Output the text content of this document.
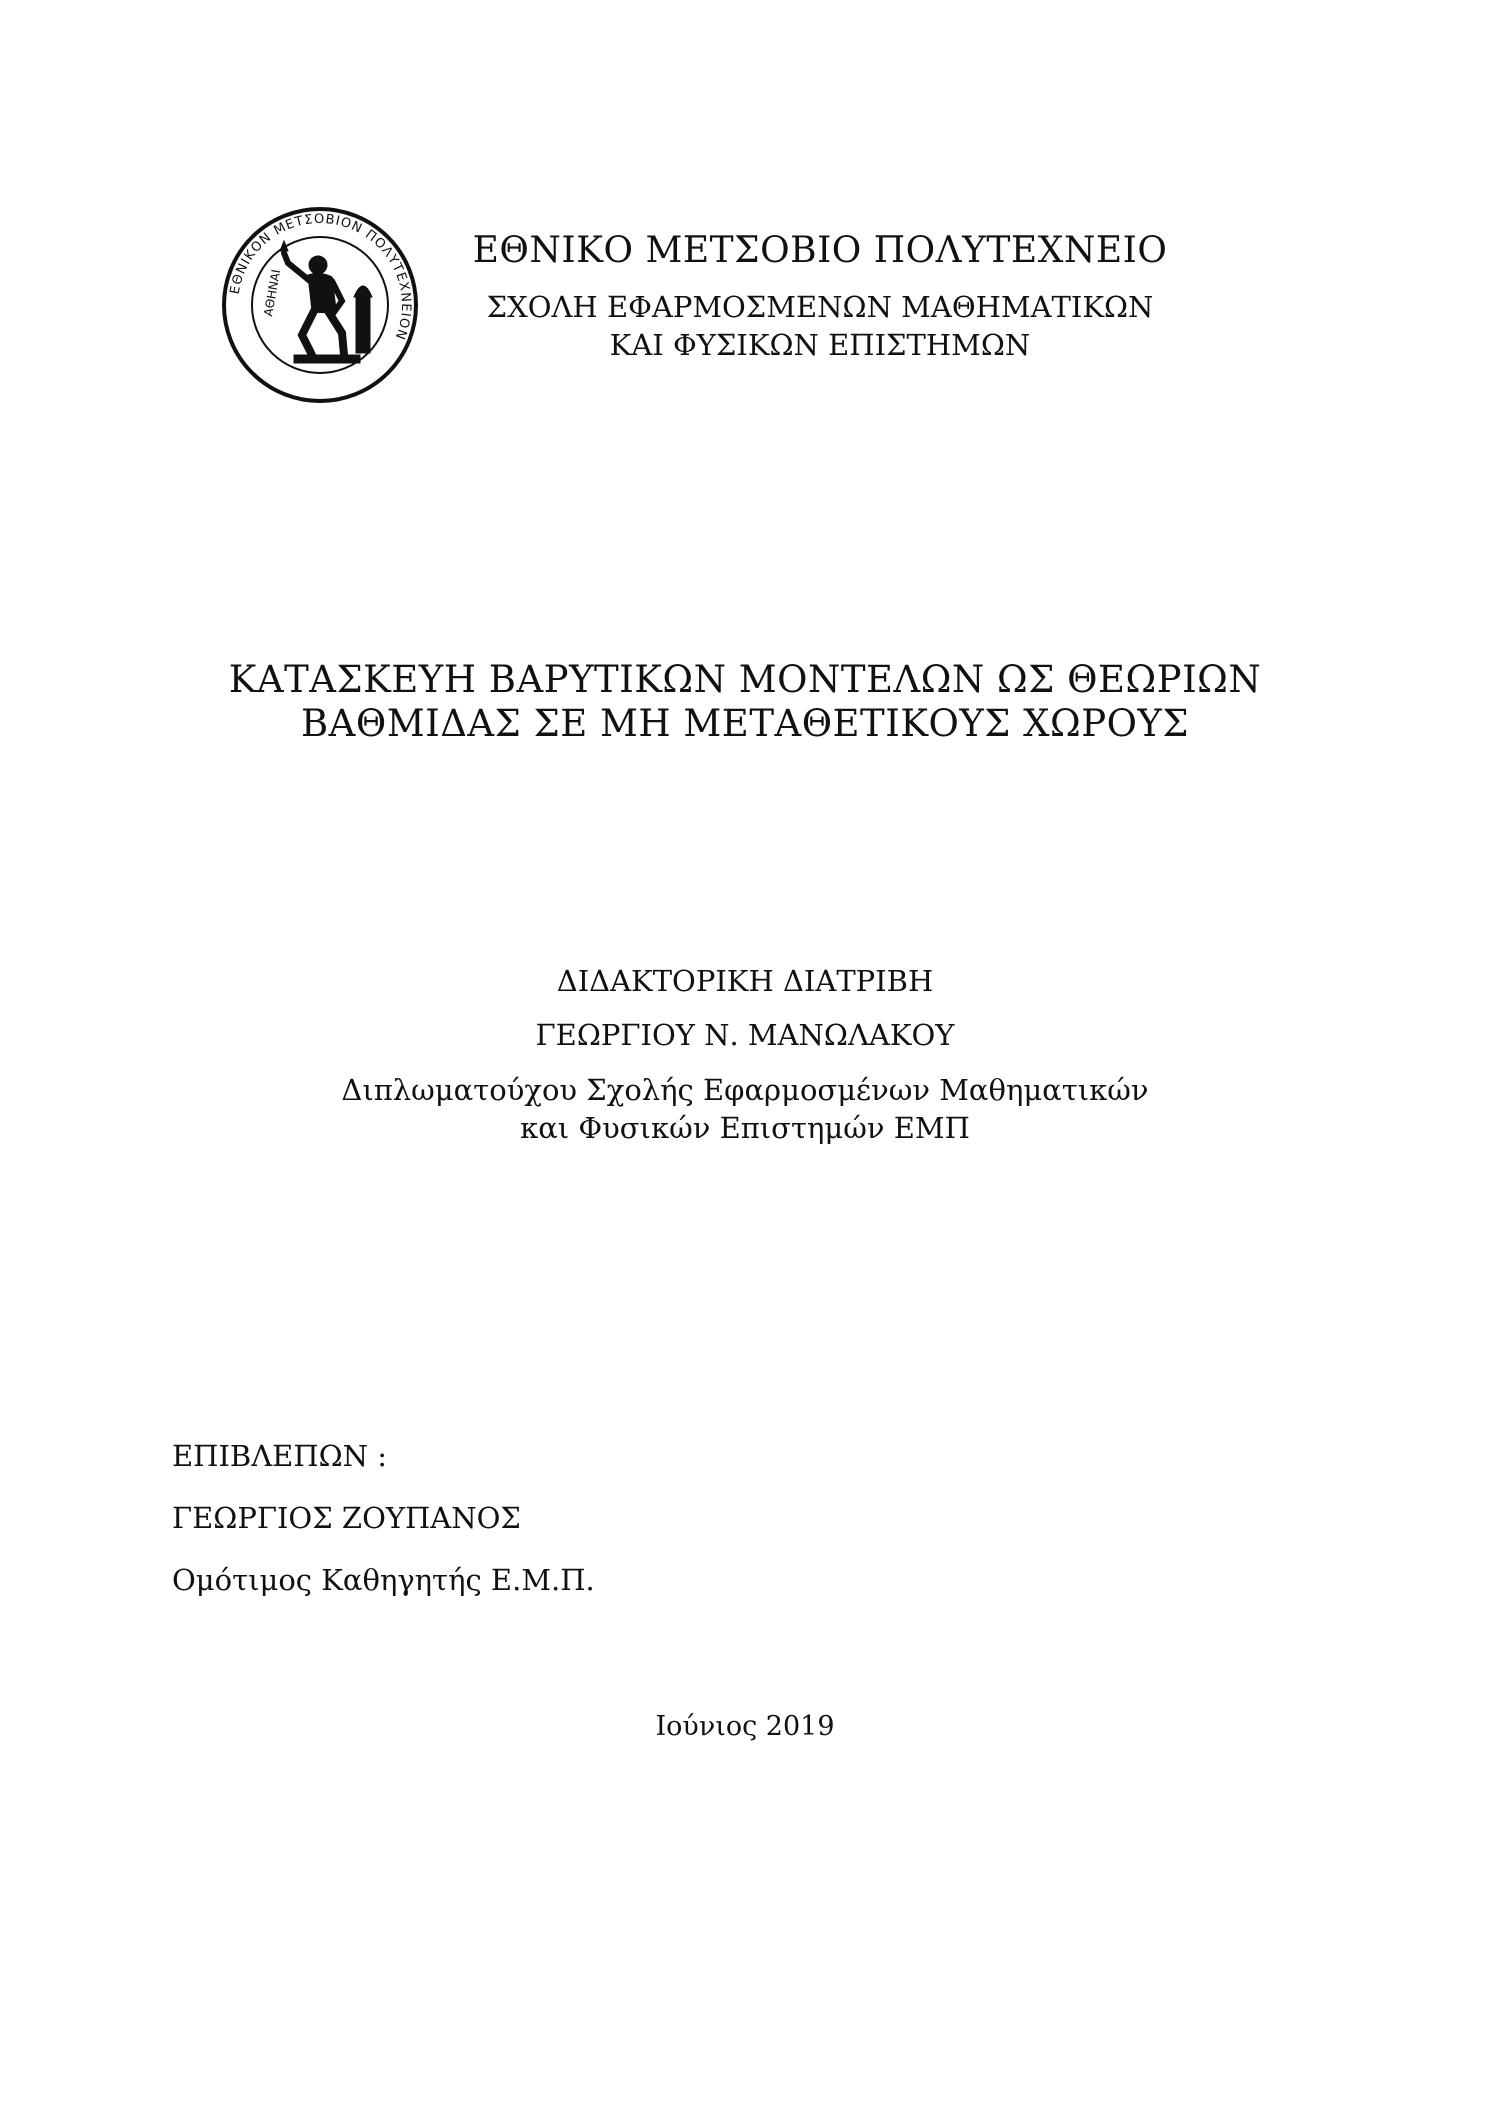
ΕΘΝΙΚΟΝ ΜΕΤΣΟΒΙΟΝ ΠΟΛΥΤΕΧΝΕΙΟΝ
ΑΘΗΝΑΙ
ΕΘΝΙΚΟ ΜΕΤΣΟΒΙΟ ΠΟΛΥΤΕΧΝΕΙΟ
ΣΧΟΛΗ ΕΦΑΡΜΟΣΜΕΝΩΝ ΜΑΘΗΜΑΤΙΚΩΝ
ΚΑΙ ΦΥΣΙΚΩΝ ΕΠΙΣΤΗΜΩΝ
ΚΑΤΑΣΚΕΥΗ ΒΑΡΥΤΙΚΩΝ ΜΟΝΤΕΛΩΝ ΩΣ ΘΕΩΡΙΩΝ
ΒΑΘΜΙΔΑΣ ΣΕ ΜΗ ΜΕΤΑΘΕΤΙΚΟΥΣ ΧΩΡΟΥΣ
ΔΙΔΑΚΤΟΡΙΚΗ ΔΙΑΤΡΙΒΗ
ΓΕΩΡΓΙΟΥ Ν. ΜΑΝΩΛΑΚΟΥ
Διπλωματούχου Σχολής Εφαρμοσμένων Μαθηματικών
και Φυσικών Επιστημών ΕΜΠ
ΕΠΙΒΛΕΠΩΝ :
ΓΕΩΡΓΙΟΣ ΖΟΥΠΑΝΟΣ
Ομότιμος Καθηγητής Ε.Μ.Π.
Ιούνιος 2019
